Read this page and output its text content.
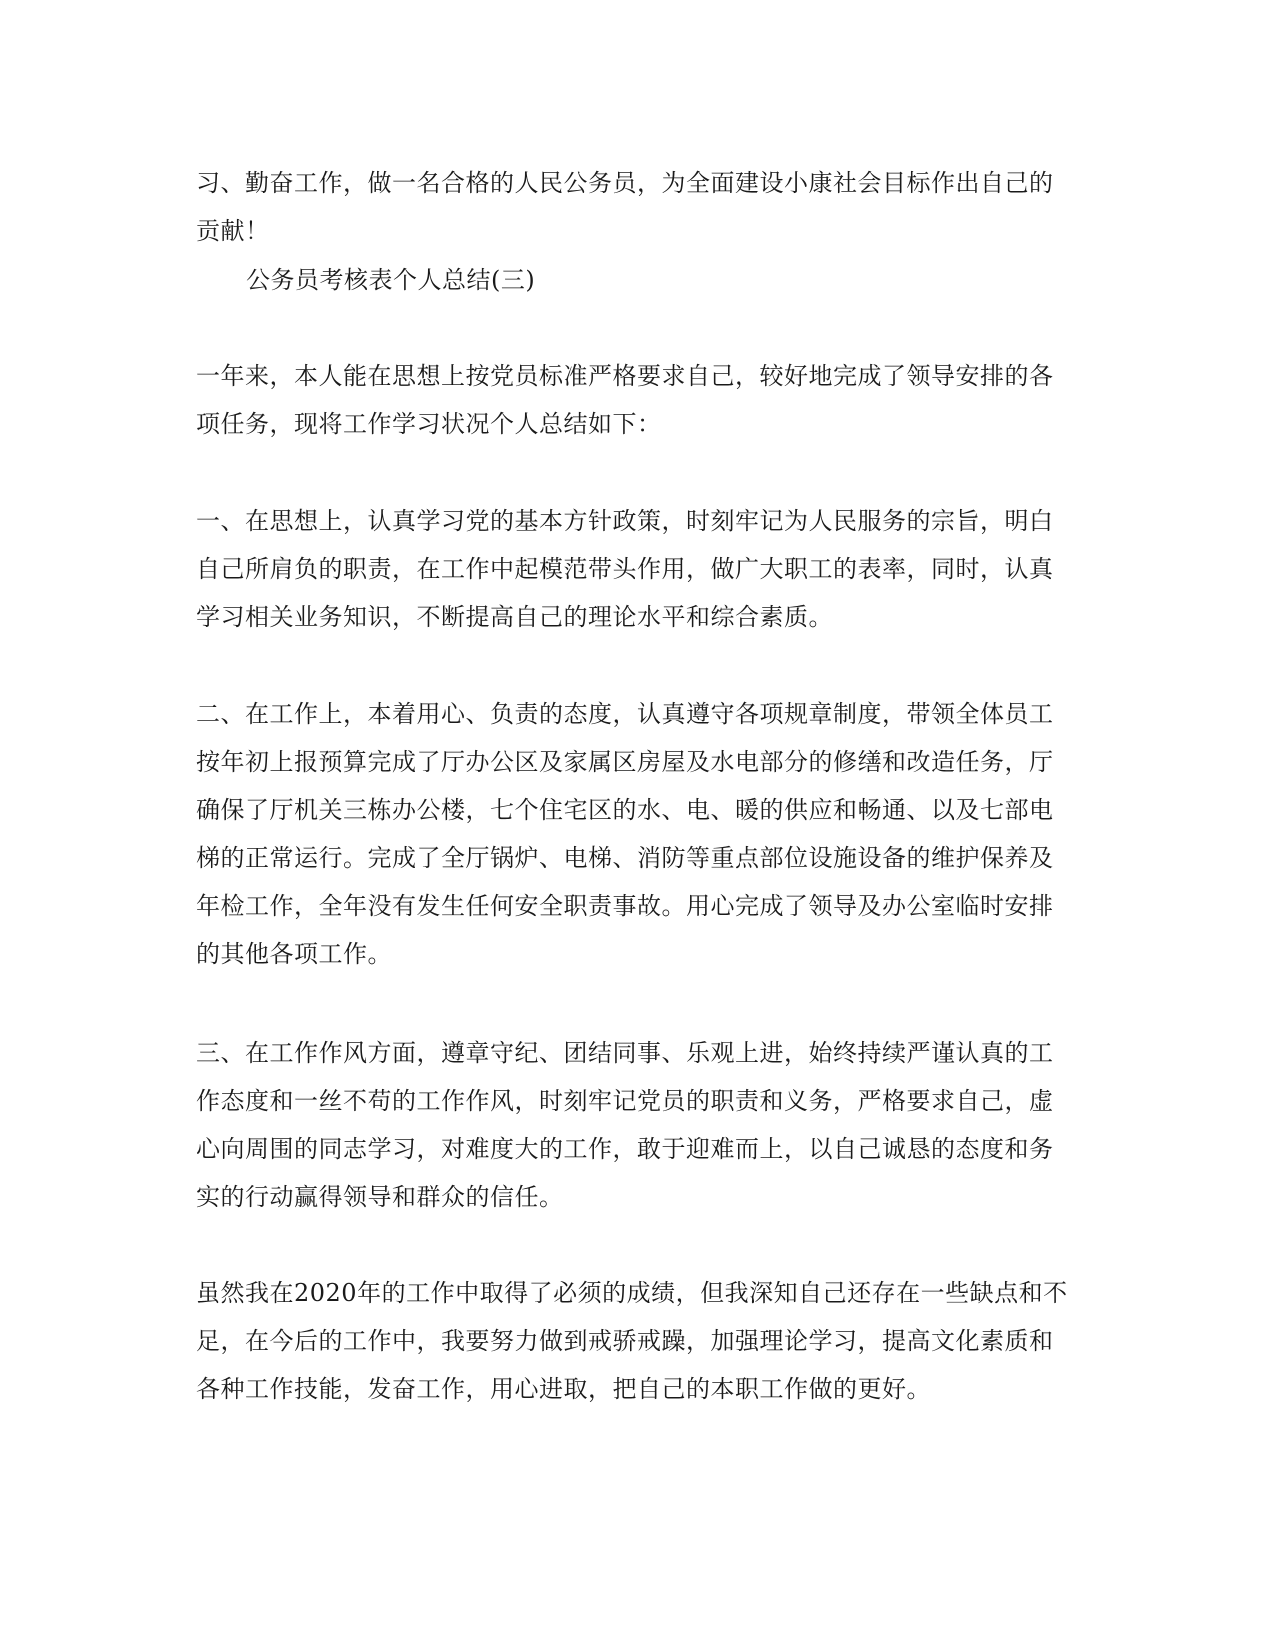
习、勤奋工作，做一名合格的人民公务员，为全面建设小康社会目标作出自己的
贡献！

公务员考核表个人总结(三)

一年来，本人能在思想上按党员标准严格要求自己，较好地完成了领导安排的各
项任务，现将工作学习状况个人总结如下：

一、在思想上，认真学习党的基本方针政策，时刻牢记为人民服务的宗旨，明白
自己所肩负的职责，在工作中起模范带头作用，做广大职工的表率，同时，认真
学习相关业务知识，不断提高自己的理论水平和综合素质。

二、在工作上，本着用心、负责的态度，认真遵守各项规章制度，带领全体员工
按年初上报预算完成了厅办公区及家属区房屋及水电部分的修缮和改造任务，厅
确保了厅机关三栋办公楼，七个住宅区的水、电、暖的供应和畅通、以及七部电
梯的正常运行。完成了全厅锅炉、电梯、消防等重点部位设施设备的维护保养及
年检工作，全年没有发生任何安全职责事故。用心完成了领导及办公室临时安排
的其他各项工作。

三、在工作作风方面，遵章守纪、团结同事、乐观上进，始终持续严谨认真的工
作态度和一丝不苟的工作作风，时刻牢记党员的职责和义务，严格要求自己，虚
心向周围的同志学习，对难度大的工作，敢于迎难而上，以自己诚恳的态度和务
实的行动赢得领导和群众的信任。

虽然我在2020年的工作中取得了必须的成绩，但我深知自己还存在一些缺点和不
足，在今后的工作中，我要努力做到戒骄戒躁，加强理论学习，提高文化素质和
各种工作技能，发奋工作，用心进取，把自己的本职工作做的更好。
